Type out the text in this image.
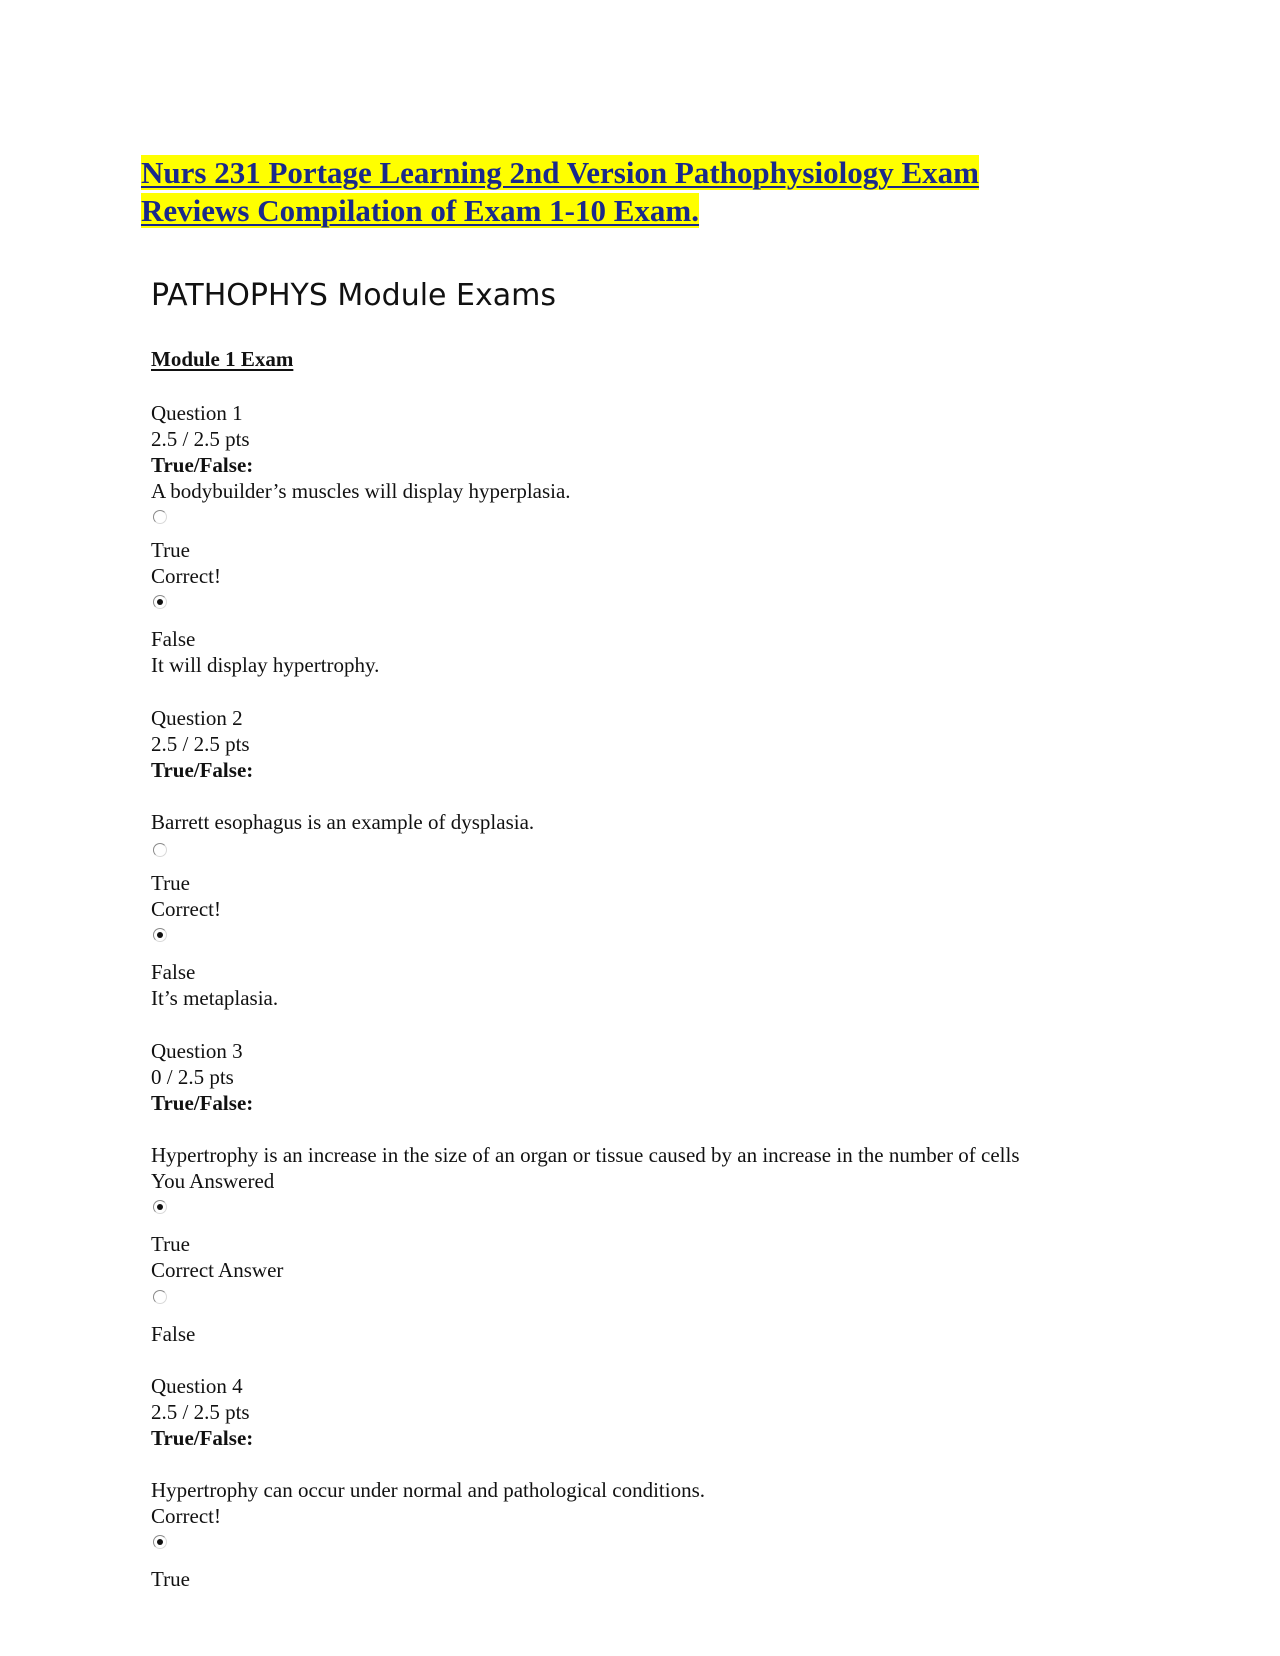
Nurs 231 Portage Learning 2nd Version Pathophysiology Exam
Reviews Compilation of Exam 1-10 Exam.
PATHOPHYS Module Exams
Module 1 Exam
Question 1
2.5 / 2.5 pts
True/False:
A bodybuilder’s muscles will display hyperplasia.
True
Correct!
False
It will display hypertrophy.
Question 2
2.5 / 2.5 pts
True/False:
Barrett esophagus is an example of dysplasia.
True
Correct!
False
It’s metaplasia.
Question 3
0 / 2.5 pts
True/False:
Hypertrophy is an increase in the size of an organ or tissue caused by an increase in the number of cells
You Answered
True
Correct Answer
False
Question 4
2.5 / 2.5 pts
True/False:
Hypertrophy can occur under normal and pathological conditions.
Correct!
True
